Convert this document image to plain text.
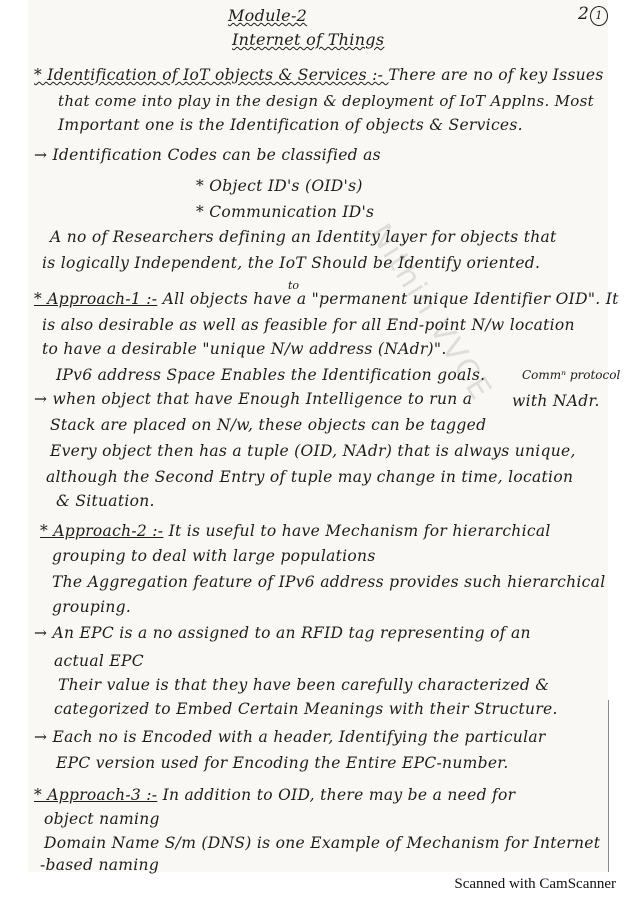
Nithin VVCE
Module-2
Internet of Things
2 1
* Identification of IoT objects & Services :- There are no of key Issues
that come into play in the design & deployment of IoT Applns. Most
Important one is the Identification of objects & Services.
→ Identification Codes can be classified as
* Object ID's (OID's)
* Communication ID's
A no of Researchers defining an Identity layer for objects that
is logically Independent, the IoT Should be Identify oriented.
to
* Approach-1 :- All objects have a "permanent unique Identifier OID". It
is also desirable as well as feasible for all End-point N/w location
to have a desirable "unique N/w address (NAdr)".
IPv6 address Space Enables the Identification goals.	Commⁿ protocol
→ when object that have Enough Intelligence to run a	with NAdr.
Stack are placed on N/w, these objects can be tagged
Every object then has a tuple (OID, NAdr) that is always unique,
although the Second Entry of tuple may change in time, location
& Situation.
* Approach-2 :- It is useful to have Mechanism for hierarchical
grouping to deal with large populations
The Aggregation feature of IPv6 address provides such hierarchical
grouping.
→ An EPC is a no assigned to an RFID tag representing of an
actual EPC
Their value is that they have been carefully characterized &
categorized to Embed Certain Meanings with their Structure.
→ Each no is Encoded with a header, Identifying the particular
EPC version used for Encoding the Entire EPC-number.
* Approach-3 :- In addition to OID, there may be a need for
object naming
Domain Name S/m (DNS) is one Example of Mechanism for Internet
-based naming
Scanned with CamScanner
